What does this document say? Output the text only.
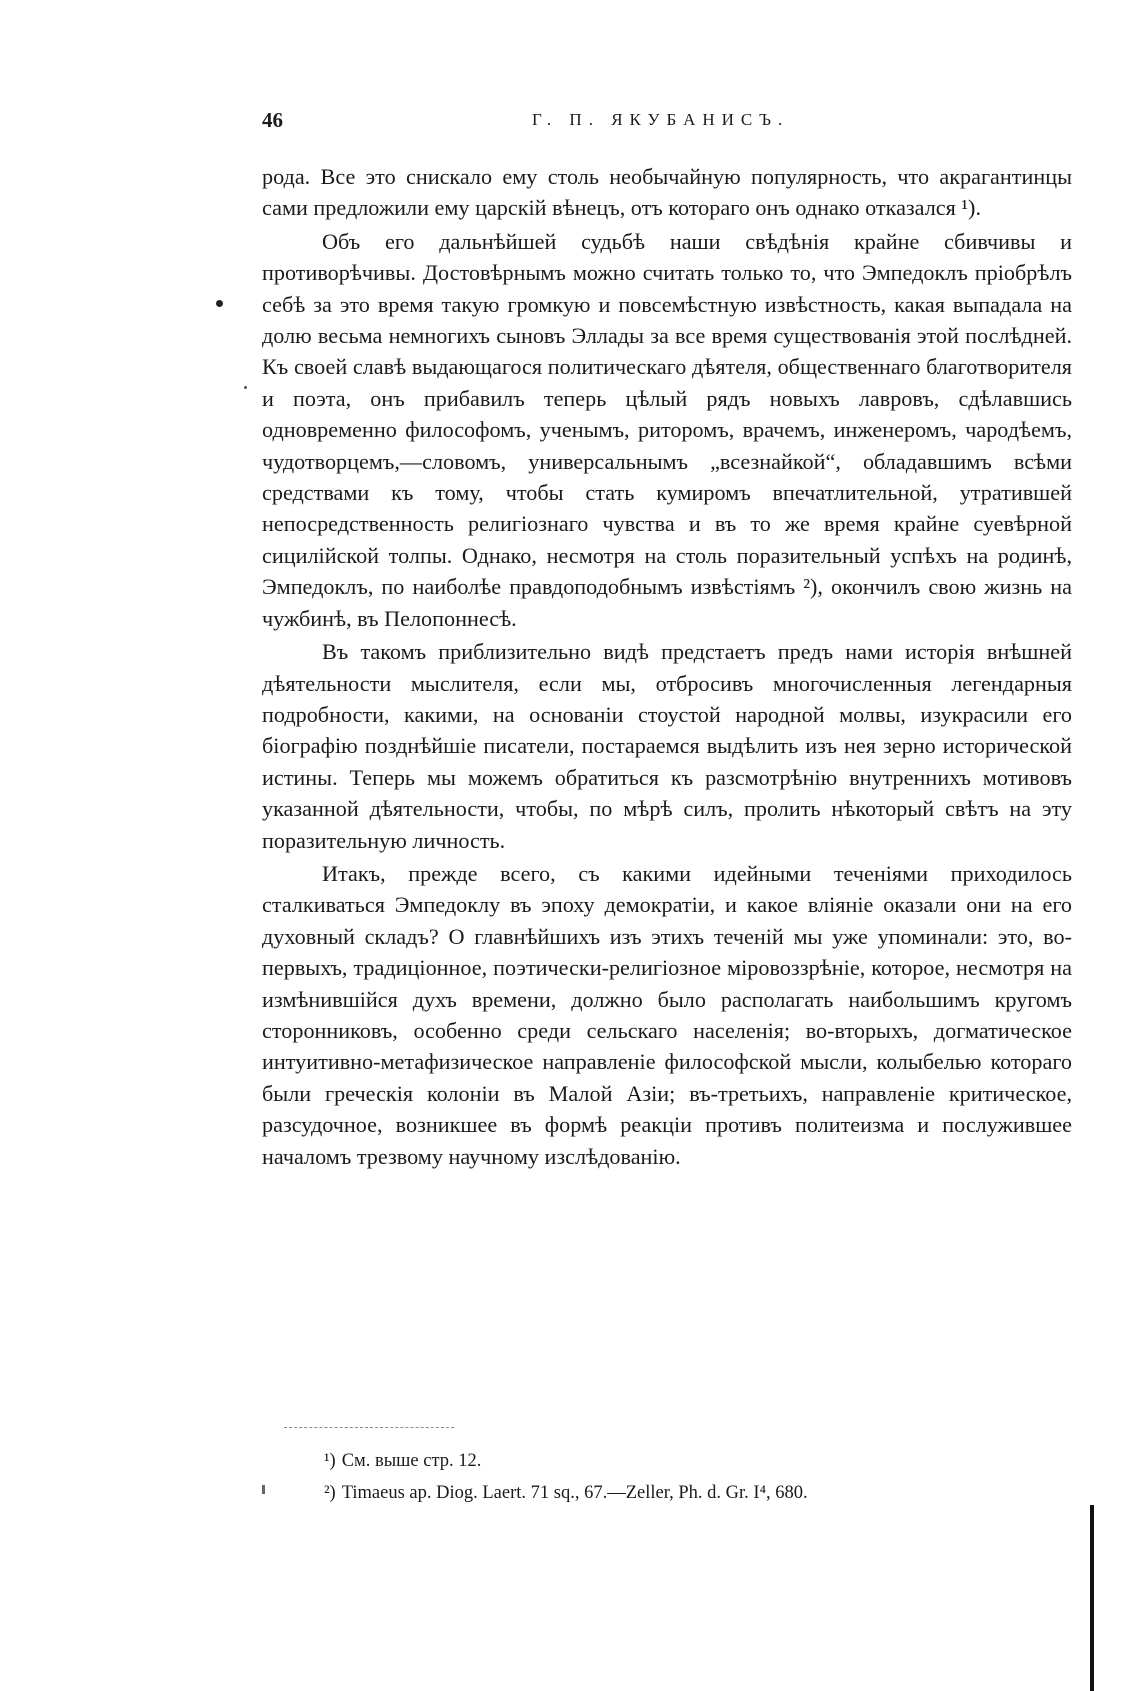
46	Г. П. ЯКУБАНИСЪ.

рода. Все это снискало ему столь необычайную популярность, что акрагантинцы сами предложили ему царскій вѣнецъ, отъ котораго онъ однако отказался ¹).

Объ его дальнѣйшей судьбѣ наши свѣдѣнія крайне сбивчивы и противорѣчивы. Достовѣрнымъ можно считать только то, что Эмпедоклъ пріобрѣлъ себѣ за это время такую громкую и повсемѣстную извѣстность, какая выпадала на долю весьма немногихъ сыновъ Эллады за все время существованія этой послѣдней. Къ своей славѣ выдающагося политическаго дѣятеля, общественнаго благотворителя и поэта, онъ прибавилъ теперь цѣлый рядъ новыхъ лавровъ, сдѣлавшись одновременно философомъ, ученымъ, риторомъ, врачемъ, инженеромъ, чародѣемъ, чудотворцемъ,—словомъ, универсальнымъ „всезнайкой“, обладавшимъ всѣми средствами къ тому, чтобы стать кумиромъ впечатлительной, утратившей непосредственность религіознаго чувства и въ то же время крайне суевѣрной сицилійской толпы. Однако, несмотря на столь поразительный успѣхъ на родинѣ, Эмпедоклъ, по наиболѣе правдоподобнымъ извѣстіямъ ²), окончилъ свою жизнь на чужбинѣ, въ Пелопоннесѣ.

Въ такомъ приблизительно видѣ предстаетъ предъ нами исторія внѣшней дѣятельности мыслителя, если мы, отбросивъ многочисленныя легендарныя подробности, какими, на основаніи стоустой народной молвы, изукрасили его біографію позднѣйшіе писатели, постараемся выдѣлить изъ нея зерно исторической истины. Теперь мы можемъ обратиться къ разсмотрѣнію внутреннихъ мотивовъ указанной дѣятельности, чтобы, по мѣрѣ силъ, пролить нѣкоторый свѣтъ на эту поразительную личность.

Итакъ, прежде всего, съ какими идейными теченіями приходилось сталкиваться Эмпедоклу въ эпоху демократіи, и какое вліяніе оказали они на его духовный складъ? О главнѣйшихъ изъ этихъ теченій мы уже упоминали: это, во-первыхъ, традиціонное, поэтически-религіозное міровоззрѣніе, которое, несмотря на измѣнившійся духъ времени, должно было располагать наибольшимъ кругомъ сторонниковъ, особенно среди сельскаго населенія; во-вторыхъ, догматическое интуитивно-метафизическое направленіе философской мысли, колыбелью котораго были греческія колоніи въ Малой Азіи; въ-третьихъ, направленіе критическое, разсудочное, возникшее въ формѣ реакціи противъ политеизма и послужившее началомъ трезвому научному изслѣдованію.

¹) См. выше стр. 12.
²) Timaeus ap. Diog. Laert. 71 sq., 67.—Zeller, Ph. d. Gr. I⁴, 680.
